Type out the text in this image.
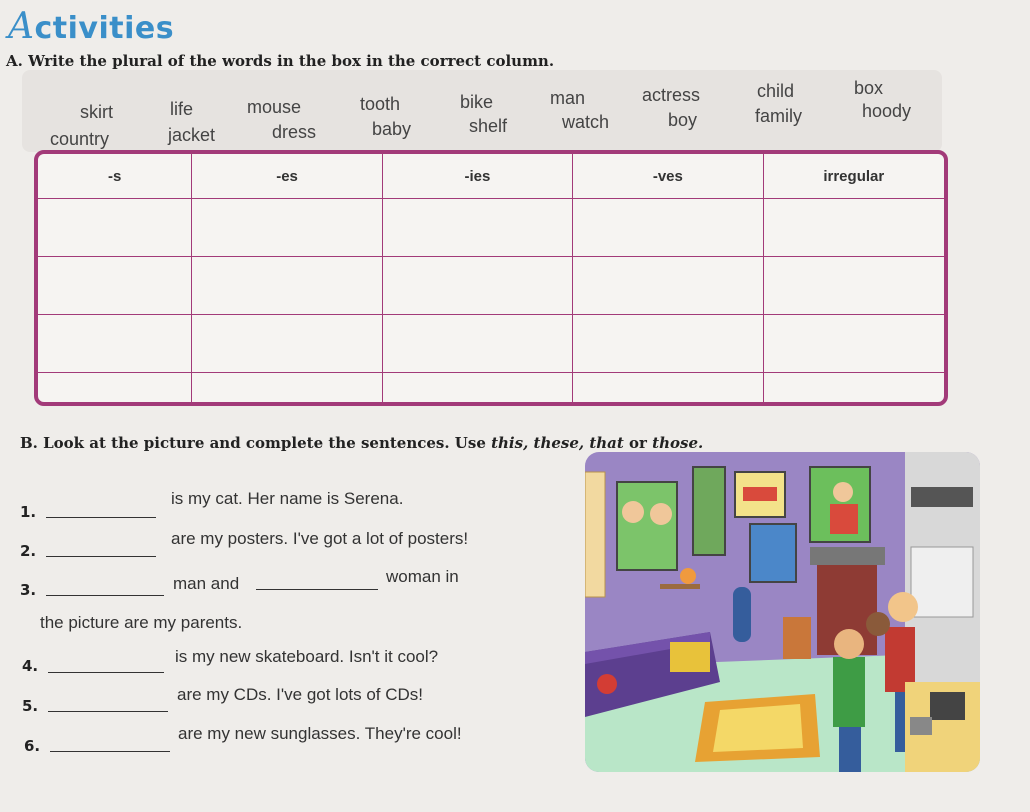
Activities
A. Write the plural of the words in the box in the correct column.
skirt	life	mouse	tooth	bike	man	actress	child	box
country	jacket	dress	baby	shelf	watch	boy	family	hoody
-s	-es	-ies	-ves	irregular

B. Look at the picture and complete the sentences. Use this, these, that or those.
1.
is my cat. Her name is Serena.
2.
are my posters. I've got a lot of posters!
3.	man and	woman in
the picture are my parents.
4.	is my new skateboard. Isn't it cool?
5.
are my CDs. I've got lots of CDs!
6.
are my new sunglasses. They're cool!
